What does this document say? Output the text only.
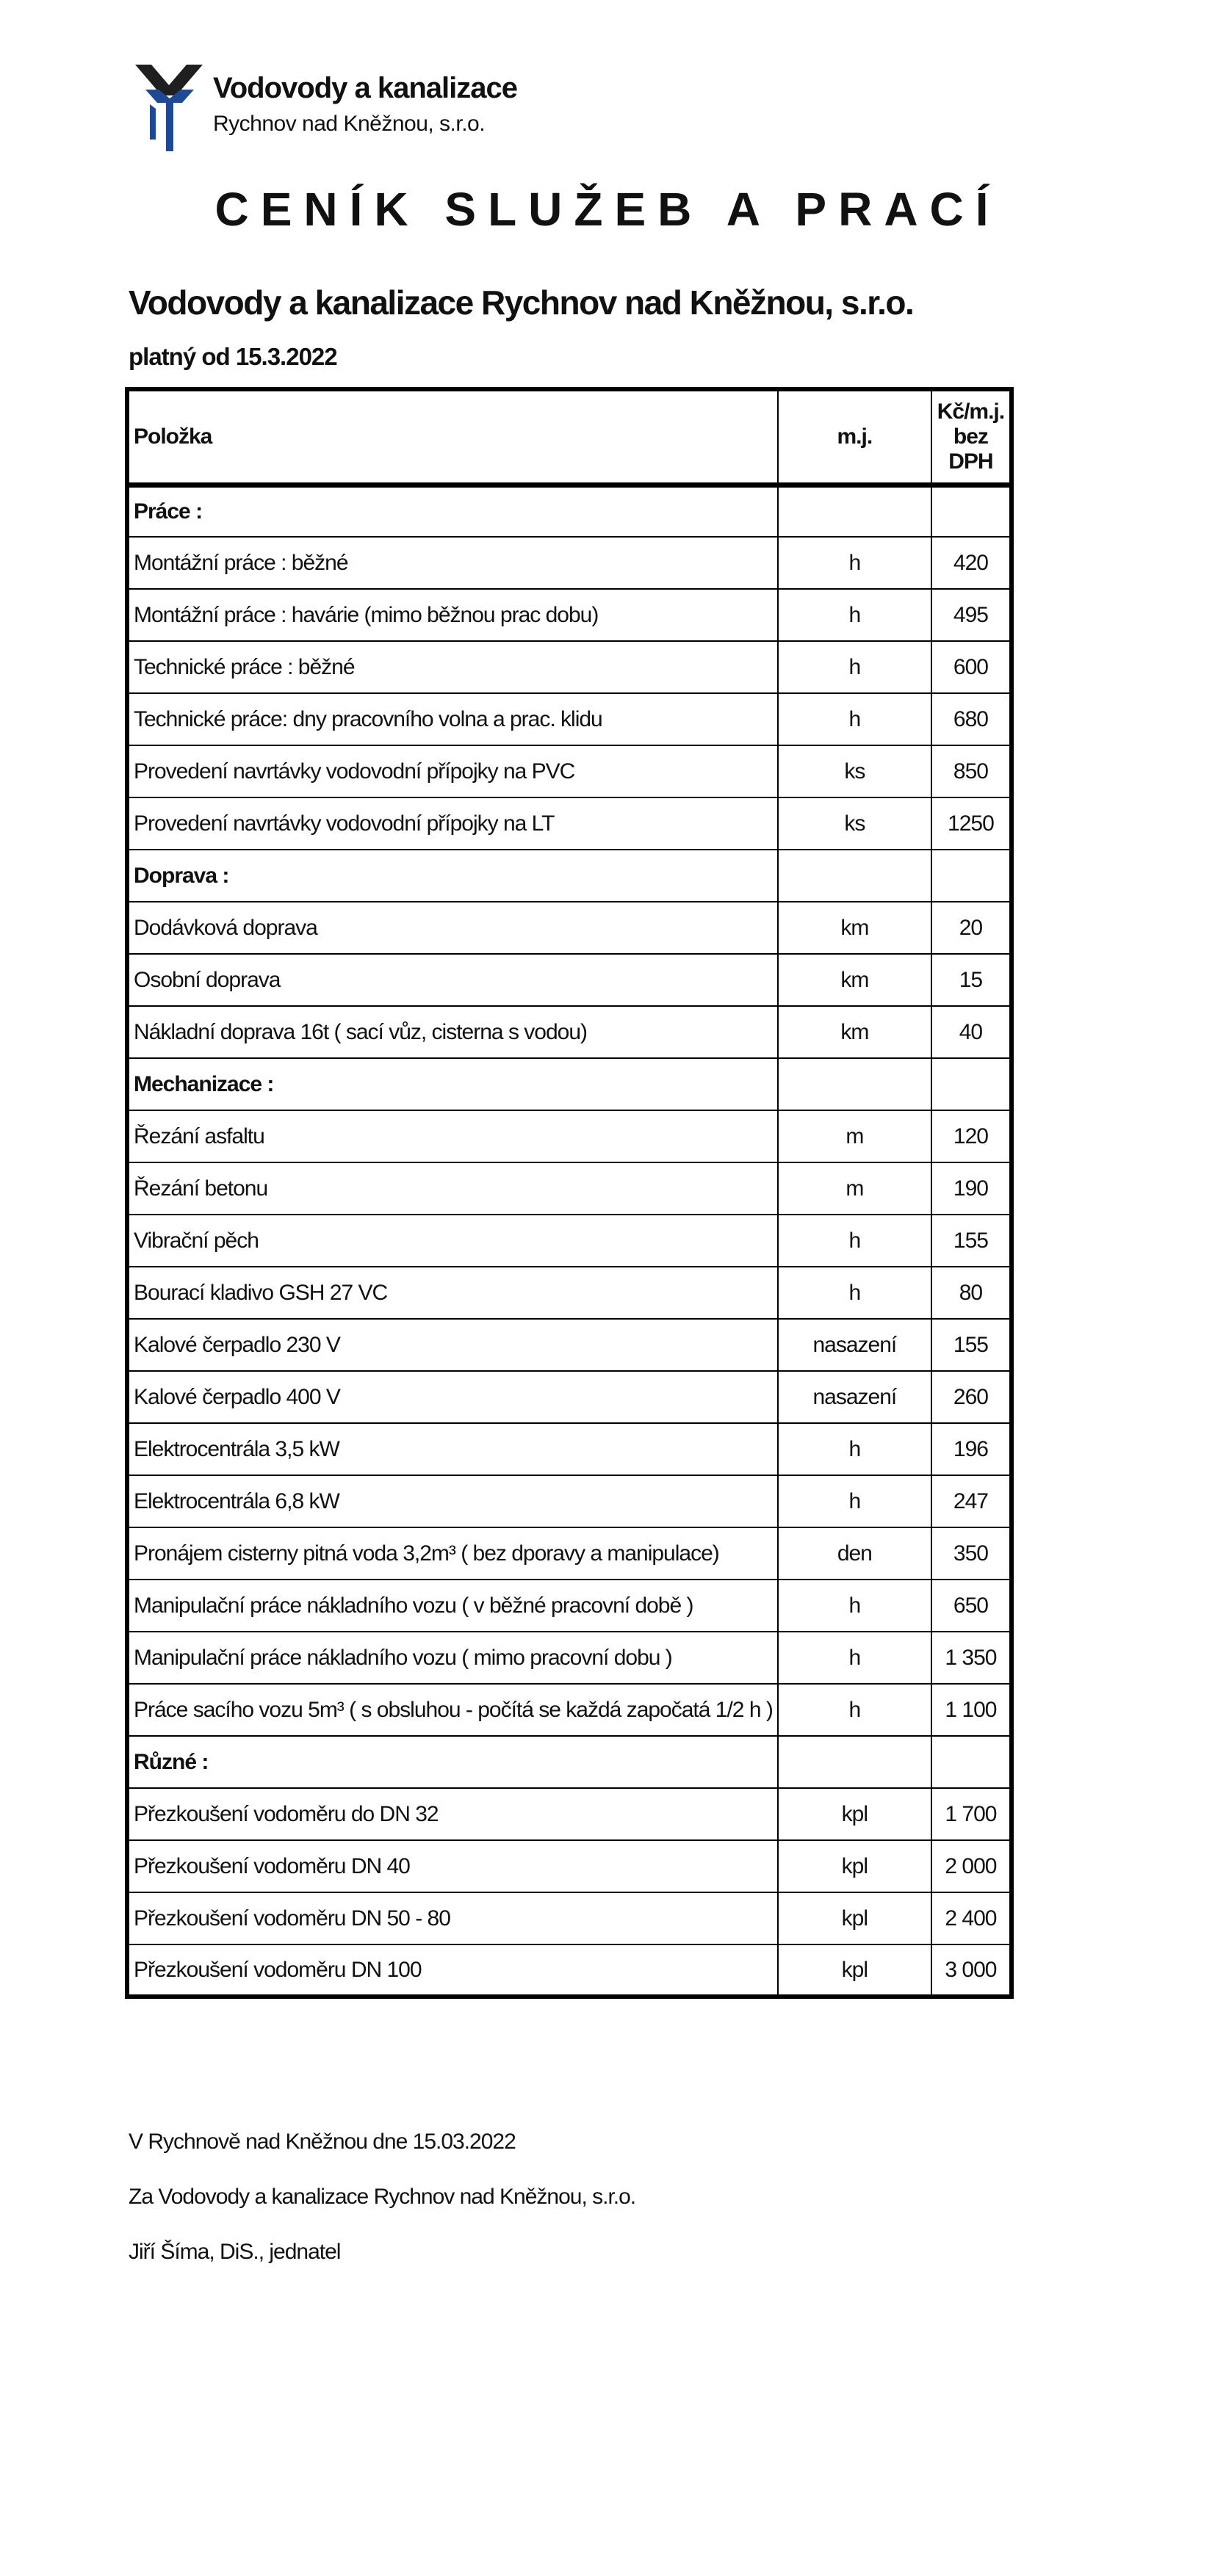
Vodovody a kanalizace
Rychnov nad Kněžnou, s.r.o.
CENÍK SLUŽEB A PRACÍ
Vodovody a kanalizace Rychnov nad Kněžnou, s.r.o.
platný od 15.3.2022
Položka	m.j.	Kč/m.j. bez DPH
Práce :		
Montážní práce : běžné	h	420
Montážní práce : havárie (mimo běžnou prac dobu)	h	495
Technické práce : běžné	h	600
Technické práce: dny pracovního volna a prac. klidu	h	680
Provedení navrtávky vodovodní přípojky na PVC	ks	850
Provedení navrtávky vodovodní přípojky na LT	ks	1250
Doprava :		
Dodávková doprava	km	20
Osobní doprava	km	15
Nákladní doprava 16t ( sací vůz, cisterna s vodou)	km	40
Mechanizace :		
Řezání asfaltu	m	120
Řezání betonu	m	190
Vibrační pěch	h	155
Bourací kladivo GSH 27 VC	h	80
Kalové čerpadlo 230 V	nasazení	155
Kalové čerpadlo 400 V	nasazení	260
Elektrocentrála 3,5 kW	h	196
Elektrocentrála 6,8 kW	h	247
Pronájem cisterny pitná voda 3,2m³ ( bez dporavy a manipulace)	den	350
Manipulační práce nákladního vozu ( v běžné pracovní době )	h	650
Manipulační práce nákladního vozu ( mimo pracovní dobu )	h	1 350
Práce sacího vozu 5m³ ( s obsluhou - počítá se každá započatá 1/2 h )	h	1 100
Různé :		
Přezkoušení vodoměru do DN 32	kpl	1 700
Přezkoušení vodoměru DN 40	kpl	2 000
Přezkoušení vodoměru DN 50 - 80	kpl	2 400
Přezkoušení vodoměru DN 100	kpl	3 000
V Rychnově nad Kněžnou dne 15.03.2022
Za Vodovody a kanalizace Rychnov nad Kněžnou, s.r.o.
Jiří Šíma, DiS., jednatel
